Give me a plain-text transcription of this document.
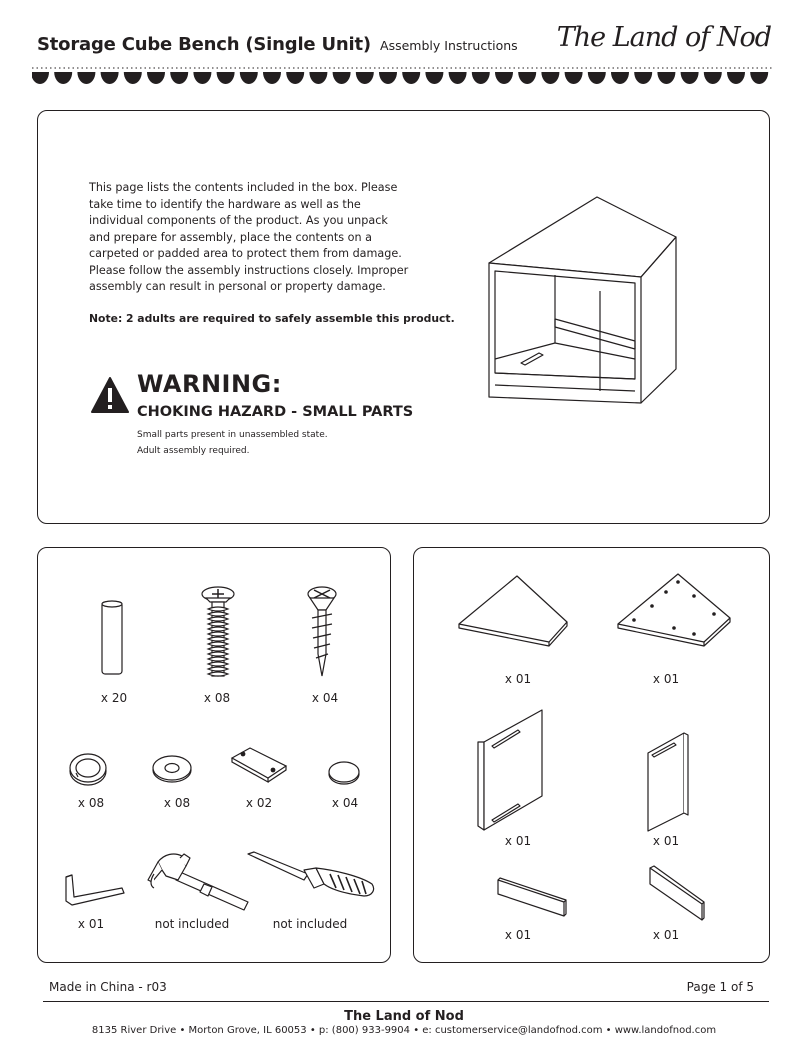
Storage Cube Bench (Single Unit) Assembly Instructions The Land of Nod
This page lists the contents included in the box. Please take time to identify the hardware as well as the individual components of the product. As you unpack and prepare for assembly, place the contents on a carpeted or padded area to protect them from damage. Please follow the assembly instructions closely. Improper assembly can result in personal or property damage.
Note: 2 adults are required to safely assemble this product.
WARNING:
CHOKING HAZARD - SMALL PARTS
Small parts present in unassembled state.
Adult assembly required.
x 20	x 08	x 04
x 08	x 08	x 02	x 04
x 01	not included	not included
x 01	x 01
x 01	x 01
x 01	x 01
Made in China - r03	Page 1 of 5
The Land of Nod
8135 River Drive • Morton Grove, IL 60053 • p: (800) 933-9904 • e: customerservice@landofnod.com • www.landofnod.com
